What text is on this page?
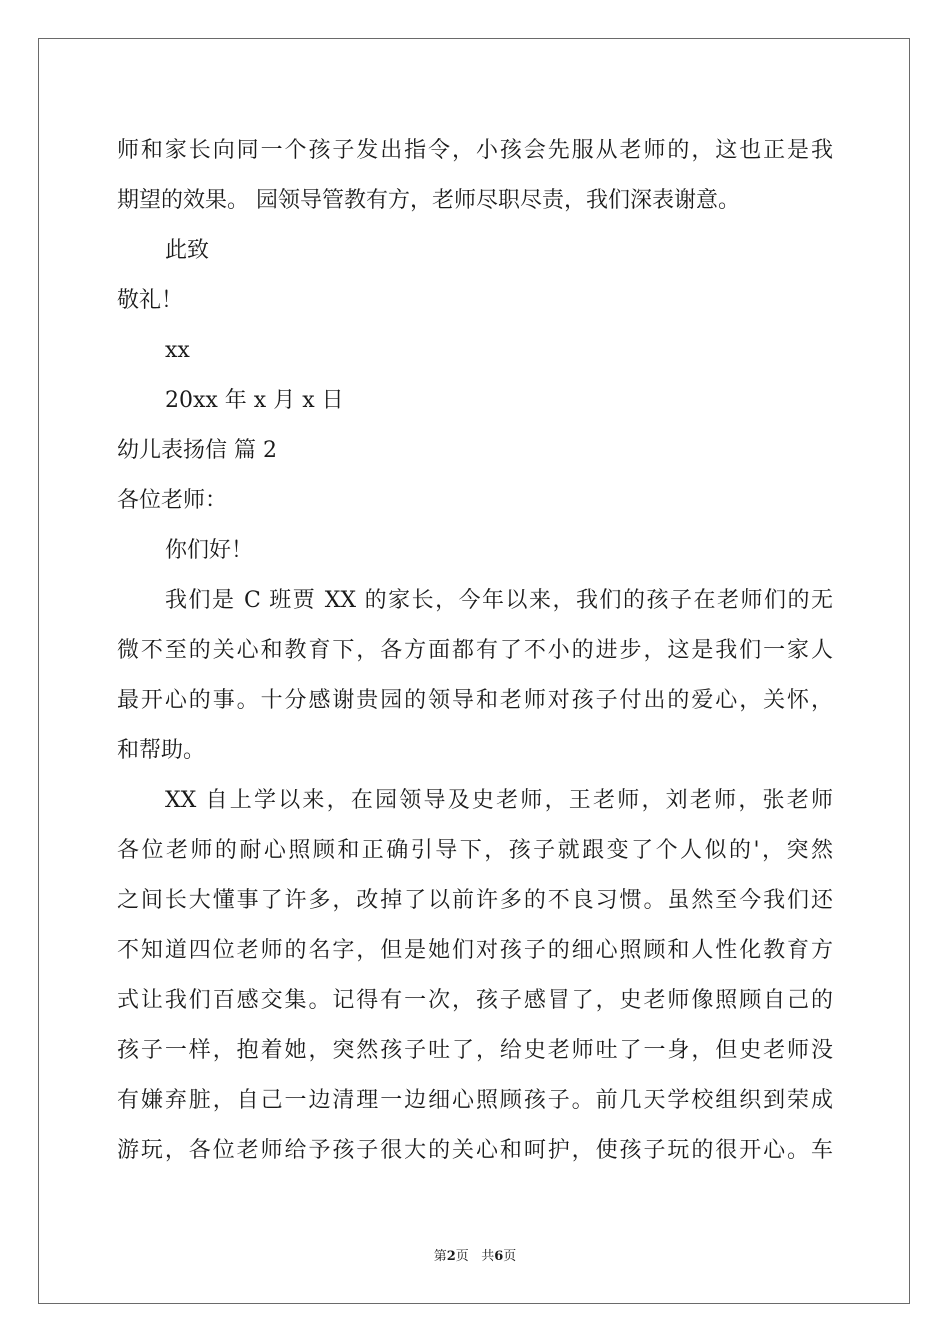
师和家长向同一个孩子发出指令，小孩会先服从老师的，这也正是我
期望的效果。 园领导管教有方，老师尽职尽责，我们深表谢意。
此致
敬礼！
xx
20xx 年 x 月 x 日
幼儿表扬信 篇 2
各位老师：
你们好！
我们是 C 班贾 XX 的家长，今年以来，我们的孩子在老师们的无
微不至的关心和教育下，各方面都有了不小的进步，这是我们一家人
最开心的事。十分感谢贵园的领导和老师对孩子付出的爱心，关怀，
和帮助。
XX 自上学以来，在园领导及史老师，王老师，刘老师，张老师
各位老师的耐心照顾和正确引导下，孩子就跟变了个人似的'，突然
之间长大懂事了许多，改掉了以前许多的不良习惯。虽然至今我们还
不知道四位老师的名字，但是她们对孩子的细心照顾和人性化教育方
式让我们百感交集。记得有一次，孩子感冒了，史老师像照顾自己的
孩子一样，抱着她，突然孩子吐了，给史老师吐了一身，但史老师没
有嫌弃脏，自己一边清理一边细心照顾孩子。前几天学校组织到荣成
游玩，各位老师给予孩子很大的关心和呵护，使孩子玩的很开心。车
第2页 共6页
